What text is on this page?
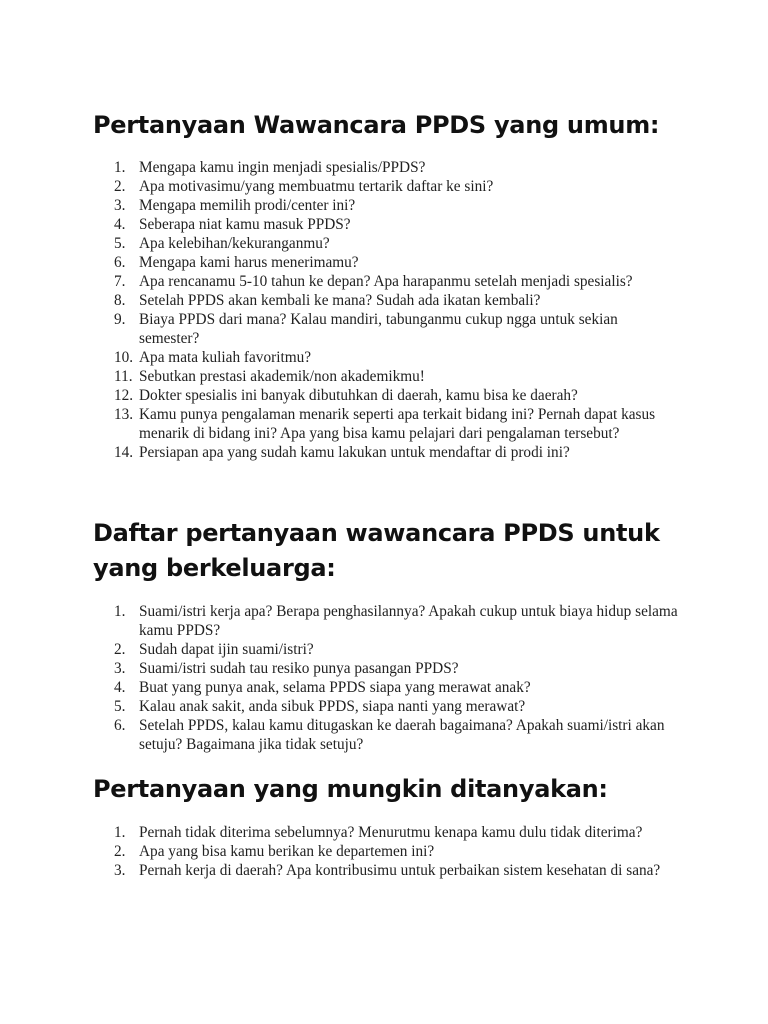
Pertanyaan Wawancara PPDS yang umum:
1. Mengapa kamu ingin menjadi spesialis/PPDS?
2. Apa motivasimu/yang membuatmu tertarik daftar ke sini?
3. Mengapa memilih prodi/center ini?
4. Seberapa niat kamu masuk PPDS?
5. Apa kelebihan/kekuranganmu?
6. Mengapa kami harus menerimamu?
7. Apa rencanamu 5-10 tahun ke depan? Apa harapanmu setelah menjadi spesialis?
8. Setelah PPDS akan kembali ke mana? Sudah ada ikatan kembali?
9. Biaya PPDS dari mana? Kalau mandiri, tabunganmu cukup ngga untuk sekian semester?
10. Apa mata kuliah favoritmu?
11. Sebutkan prestasi akademik/non akademikmu!
12. Dokter spesialis ini banyak dibutuhkan di daerah, kamu bisa ke daerah?
13. Kamu punya pengalaman menarik seperti apa terkait bidang ini? Pernah dapat kasus menarik di bidang ini? Apa yang bisa kamu pelajari dari pengalaman tersebut?
14. Persiapan apa yang sudah kamu lakukan untuk mendaftar di prodi ini?
Daftar pertanyaan wawancara PPDS untuk yang berkeluarga:
1. Suami/istri kerja apa? Berapa penghasilannya? Apakah cukup untuk biaya hidup selama kamu PPDS?
2. Sudah dapat ijin suami/istri?
3. Suami/istri sudah tau resiko punya pasangan PPDS?
4. Buat yang punya anak, selama PPDS siapa yang merawat anak?
5. Kalau anak sakit, anda sibuk PPDS, siapa nanti yang merawat?
6. Setelah PPDS, kalau kamu ditugaskan ke daerah bagaimana? Apakah suami/istri akan setuju? Bagaimana jika tidak setuju?
Pertanyaan yang mungkin ditanyakan:
1. Pernah tidak diterima sebelumnya? Menurutmu kenapa kamu dulu tidak diterima?
2. Apa yang bisa kamu berikan ke departemen ini?
3. Pernah kerja di daerah? Apa kontribusimu untuk perbaikan sistem kesehatan di sana?
